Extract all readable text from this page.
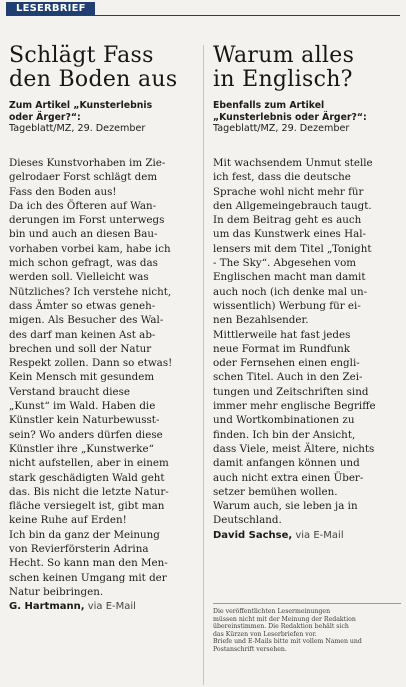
LESERBRIEF
Schlägt Fass
den Boden aus
Zum Artikel „Kunsterlebnis
oder Ärger?“:
Tageblatt/MZ, 29. Dezember

Dieses Kunstvorhaben im Zie-
gelrodaer Forst schlägt dem
Fass den Boden aus!
Da ich des Öfteren auf Wan-
derungen im Forst unterwegs
bin und auch an diesen Bau-
vorhaben vorbei kam, habe ich
mich schon gefragt, was das
werden soll. Vielleicht was
Nützliches? Ich verstehe nicht,
dass Ämter so etwas geneh-
migen. Als Besucher des Wal-
des darf man keinen Ast ab-
brechen und soll der Natur
Respekt zollen. Dann so etwas!
Kein Mensch mit gesundem
Verstand braucht diese
„Kunst“ im Wald. Haben die
Künstler kein Naturbewusst-
sein? Wo anders dürfen diese
Künstler ihre „Kunstwerke“
nicht aufstellen, aber in einem
stark geschädigten Wald geht
das. Bis nicht die letzte Natur-
fläche versiegelt ist, gibt man
keine Ruhe auf Erden!
Ich bin da ganz der Meinung
von Revierförsterin Adrina
Hecht. So kann man den Men-
schen keinen Umgang mit der
Natur beibringen.

G. Hartmann, via E-Mail
Warum alles
in Englisch?
Ebenfalls zum Artikel
„Kunsterlebnis oder Ärger?“:
Tageblatt/MZ, 29. Dezember

Mit wachsendem Unmut stelle
ich fest, dass die deutsche
Sprache wohl nicht mehr für
den Allgemeingebrauch taugt.
In dem Beitrag geht es auch
um das Kunstwerk eines Hal-
lensers mit dem Titel „Tonight
- The Sky“. Abgesehen vom
Englischen macht man damit
auch noch (ich denke mal un-
wissentlich) Werbung für ei-
nen Bezahlsender.
Mittlerweile hat fast jedes
neue Format im Rundfunk
oder Fernsehen einen engli-
schen Titel. Auch in den Zei-
tungen und Zeitschriften sind
immer mehr englische Begriffe
und Wortkombinationen zu
finden. Ich bin der Ansicht,
dass Viele, meist Ältere, nichts
damit anfangen können und
auch nicht extra einen Über-
setzer bemühen wollen.
Warum auch, sie leben ja in
Deutschland.

David Sachse, via E-Mail
Die veröffentlichten Lesermeinungen
müssen nicht mit der Meinung der Redaktion
übereinstimmen. Die Redaktion behält sich
das Kürzen von Leserbriefen vor.
Briefe und E-Mails bitte mit vollem Namen und
Postanschrift versehen.
